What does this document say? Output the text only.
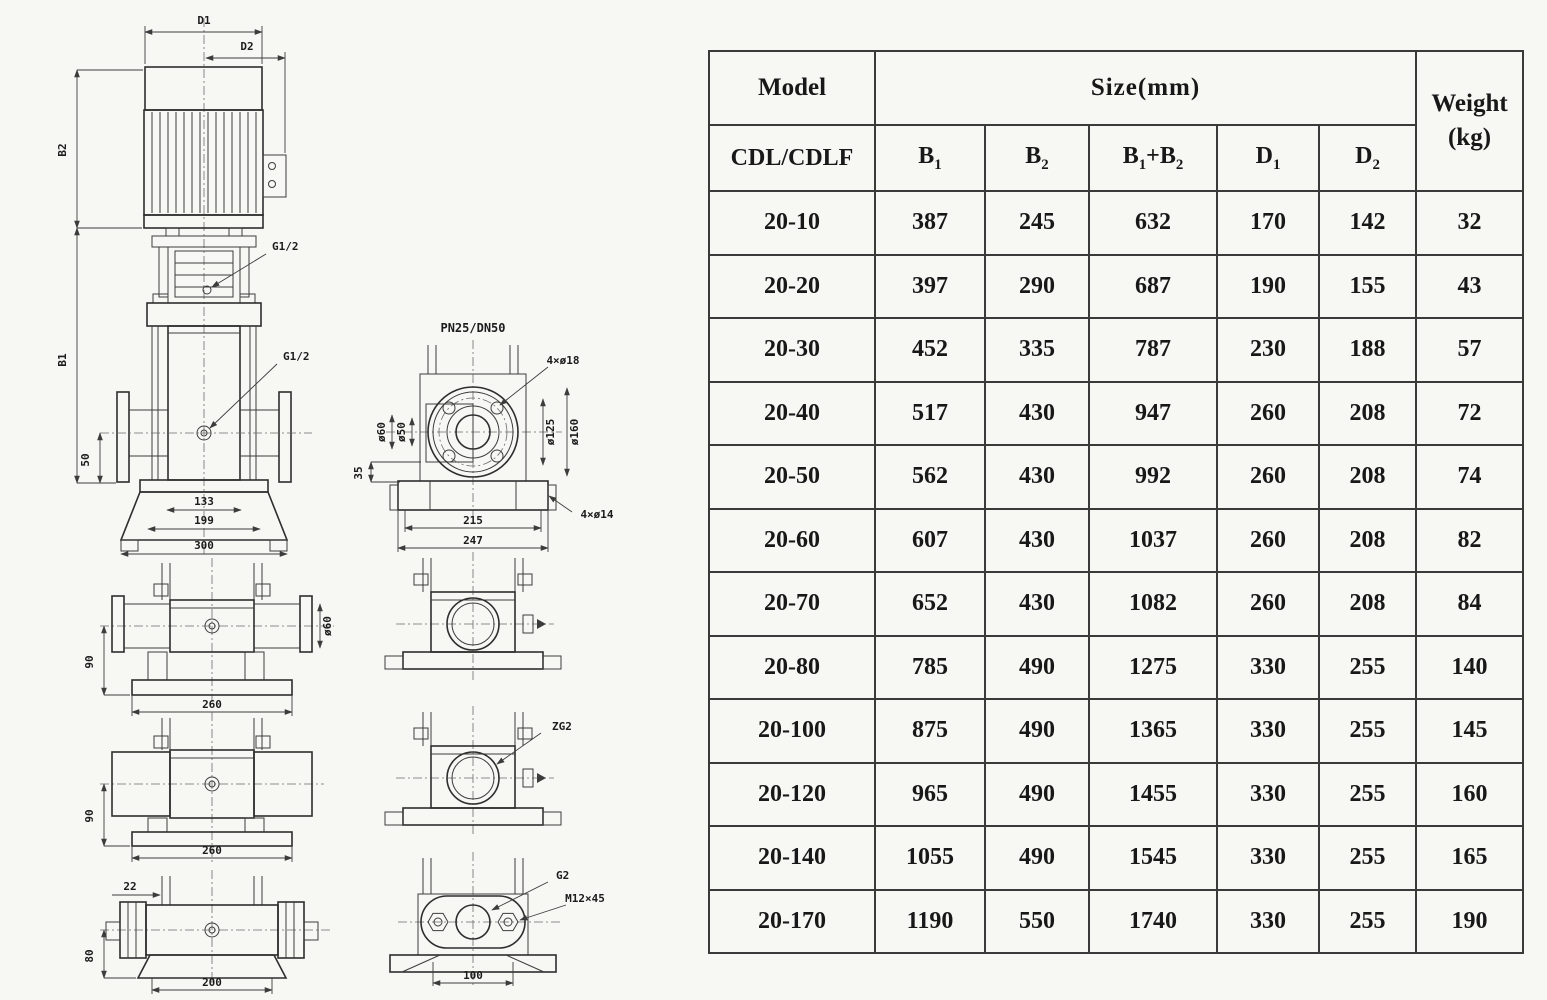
D1
D2
B2
B1
G1/2
G1/2
50
133
199
300
PN25/DN50
4×ø18
ø60 ø50	ø125 ø160
35
215
247
4×ø14
90
ø60
260
90
260
22
80
200
ZG2
G2
M12×45
100
Model	Size(mm)					Weight
(kg)
CDL/CDLF	$B_1$	$B_2$	$B_1+B_2$	$D_1$	$D_2$
20-10	387	245	632	170	142	32
20-20	397	290	687	190	155	43
20-30	452	335	787	230	188	57
20-40	517	430	947	260	208	72
20-50	562	430	992	260	208	74
20-60	607	430	1037	260	208	82
20-70	652	430	1082	260	208	84
20-80	785	490	1275	330	255	140
20-100	875	490	1365	330	255	145
20-120	965	490	1455	330	255	160
20-140	1055	490	1545	330	255	165
20-170	1190	550	1740	330	255	190
